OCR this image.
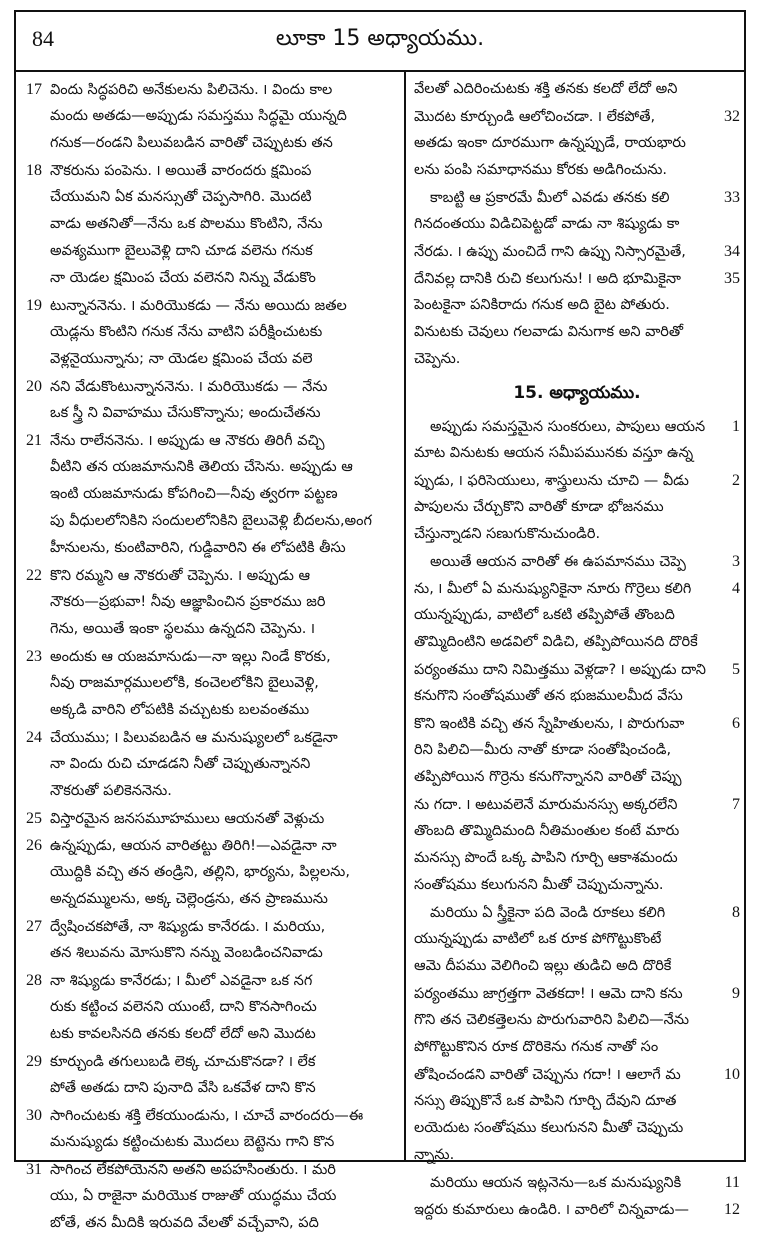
84	లూకా 15 అధ్యాయము.
17 విందు సిద్ధపరిచి అనేకులను పిలిచెను. ౹ విందు కాల
మందు అతడు—అప్పుడు సమస్తము సిద్ధమై యున్నది
గనుక—రండని పిలువబడిన వారితో చెప్పుటకు తన
18 నౌకరును పంపెను. ౹ అయితే వారందరు క్షమింప
చేయుమని ఏక మనస్సుతో చెప్పసాగిరి. మొదటి
వాడు అతనితో—నేను ఒక పొలము కొంటిని, నేను
అవశ్యముగా బైలువెళ్లి దాని చూడ వలెను గనుక
నా యెడల క్షమింప చేయ వలెనని నిన్ను వేడుకొం
19 టున్నాననెను. ౹ మరియొకడు — నేను అయిదు జతల
యెడ్లను కొంటిని గనుక నేను వాటిని పరీక్షించుటకు
వెళ్లనైయున్నాను; నా యెడల క్షమింప చేయ వలె
20 నని వేడుకొంటున్నాననెను. ౹ మరియొకడు — నేను
ఒక స్త్రీ ని వివాహము చేసుకొన్నాను; అందుచేతను
21 నేను రాలేననెను. ౹ అప్పుడు ఆ నౌకరు తిరిగీ వచ్చి
వీటిని తన యజమానునికి తెలియ చేసెను. అప్పుడు ఆ
ఇంటి యజమానుడు కోపగించి—నీవు త్వరగా పట్టణ
పు వీధులలోనికిని సందులలోనికిని బైలువెళ్లి బీదలను,అంగ
హీనులను, కుంటివారిని, గుడ్డివారిని ఈ లోపటికి తీసు
22 కొని రమ్మని ఆ నౌకరుతో చెప్పెను. ౹ అప్పుడు ఆ
నౌకరు—ప్రభువా! నీవు ఆజ్ఞాపించిన ప్రకారము జరి
గెను, అయితే ఇంకా స్థలము ఉన్నదని చెప్పెను. ౹
23 అందుకు ఆ యజమానుడు—నా ఇల్లు నిండే కొరకు,
నీవు రాజమార్గములలోకి, కంచెలలోకిని బైలువెళ్లి,
అక్కడి వారిని లోపటికి వచ్చుటకు బలవంతము
24 చేయుము; ౹ పిలువబడిన ఆ మనుష్యులలో ఒకడైనా
నా విందు రుచి చూడడని నీతో చెప్పుతున్నానని
నౌకరుతో పలికెననెను.
25 విస్తారమైన జనసమూహములు ఆయనతో వెళ్లుచు
26 ఉన్నప్పుడు, ఆయన వారితట్టు తిరిగి!—ఎవడైనా నా
యొద్దికి వచ్చి తన తండ్రిని, తల్లిని, భార్యను, పిల్లలను,
అన్నదమ్ములను, అక్క చెల్లెండ్రను, తన ప్రాణమును
27 ద్వేషించకపోతే, నా శిష్యుడు కానేరడు. ౹ మరియు,
తన శిలువను మోసుకొని నన్ను వెంబడించనివాడు
28 నా శిష్యుడు కానేరడు; ౹ మీలో ఎవడైనా ఒక నగ
రుకు కట్టించ వలెనని యుంటే, దాని కొనసాగించు
టకు కావలసినది తనకు కలదో లేదో అని మొదట
29 కూర్చుండి తగులుబడి లెక్క చూచుకొనడా? ౹ లేక
పోతే అతడు దాని పునాది వేసి ఒకవేళ దాని కొన
30 సాగించుటకు శక్తి లేకయుండును, ౹ చూచే వారందరు—ఈ
మనుష్యుడు కట్టించుటకు మొదలు బెట్టెను గాని కొన
31 సాగించ లేకపోయెనని అతని అపహసింతురు. ౹ మరి
యు, ఏ రాజైనా మరియొక రాజుతో యుద్ధము చేయ
బోతే, తన మీదికి ఇరువది వేలతో వచ్చేవాని, పది
వేలతో ఎదిరించుటకు శక్తి తనకు కలదో లేదో అని
మొదట కూర్చుండి ఆలోచించడా. ౹ లేకపోతే,	32
అతడు ఇంకా దూరముగా ఉన్నప్పుడే, రాయభారు
లను పంపి సమాధానము కోరకు అడిగించును.
కాబట్టి ఆ ప్రకారమే మీలో ఎవడు తనకు కలి	33
గినదంతయు విడిచిపెట్టడో వాడు నా శిష్యుడు కా
నేరడు. ౹ ఉప్పు మంచిదే గాని ఉప్పు నిస్సారమైతే,	34
దేనివల్ల దానికి రుచి కలుగును! ౹ అది భూమికైనా	35
పెంటకైనా పనికిరాదు గనుక అది బైట పోతురు.
వినుటకు చెవులు గలవాడు వినుగాక అని వారితో
చెప్పెను.
15. అధ్యాయము.
అప్పుడు సమస్తమైన సుంకరులు, పాపులు ఆయన	1
మాట వినుటకు ఆయన సమీపమునకు వస్తూ ఉన్న
ప్పుడు, ౹ ఫరిసెయులు, శాస్త్రులును చూచి — వీడు	2
పాపులను చేర్చుకొని వారితో కూడా భోజనము
చేస్తున్నాడని సణుగుకొనుచుండిరి.
అయితే ఆయన వారితో ఈ ఉపమానము చెప్పె	3
ను, ౹ మీలో ఏ మనుష్యునికైనా నూరు గొర్రెలు కలిగి	4
యున్నప్పుడు, వాటిలో ఒకటి తప్పిపోతే తొంబది
తొమ్మిదింటిని అడవిలో విడిచి, తప్పిపోయినది దొరికే
పర్యంతము దాని నిమిత్తము వెళ్లడా? ౹ అప్పుడు దాని	5
కనుగొని సంతోషముతో తన భుజములమీద వేసు
కొని ఇంటికి వచ్చి తన స్నేహితులను, ౹ పొరుగువా	6
రిని పిలిచి—మీరు నాతో కూడా సంతోషించండి,
తప్పిపోయిన గొర్రెను కనుగొన్నానని వారితో చెప్పు
ను గదా. ౹ అటువలెనే మారుమనస్సు అక్కరలేని	7
తొంబది తొమ్మిదిమంది నీతిమంతుల కంటే మారు
మనస్సు పొందే ఒక్క పాపిని గూర్చి ఆకాశమందు
సంతోషము కలుగునని మీతో చెప్పుచున్నాను.
మరియు ఏ స్త్రీకైనా పది వెండి రూకలు కలిగి	8
యున్నప్పుడు వాటిలో ఒక రూక పోగొట్టుకొంటే
ఆమె దీపము వెలిగించి ఇల్లు తుడిచి అది దొరికే
పర్యంతము జాగ్రత్తగా వెతకదా! ౹ ఆమె దాని కను	9
గొని తన చెలికత్తెలను పొరుగువారిని పిలిచి—నేను
పోగొట్టుకొనిన రూక దొరికెను గనుక నాతో సం
తోషించండని వారితో చెప్పును గదా! ౹ ఆలాగే మ	10
నస్సు తిప్పుకొనే ఒక పాపిని గూర్చి దేవుని దూత
లయెదుట సంతోషము కలుగునని మీతో చెప్పుచు
న్నాను.
మరియు ఆయన ఇట్లనెను—ఒక మనుష్యునికి	11
ఇద్దరు కుమారులు ఉండిరి. ౹ వారిలో చిన్నవాడు—	12
